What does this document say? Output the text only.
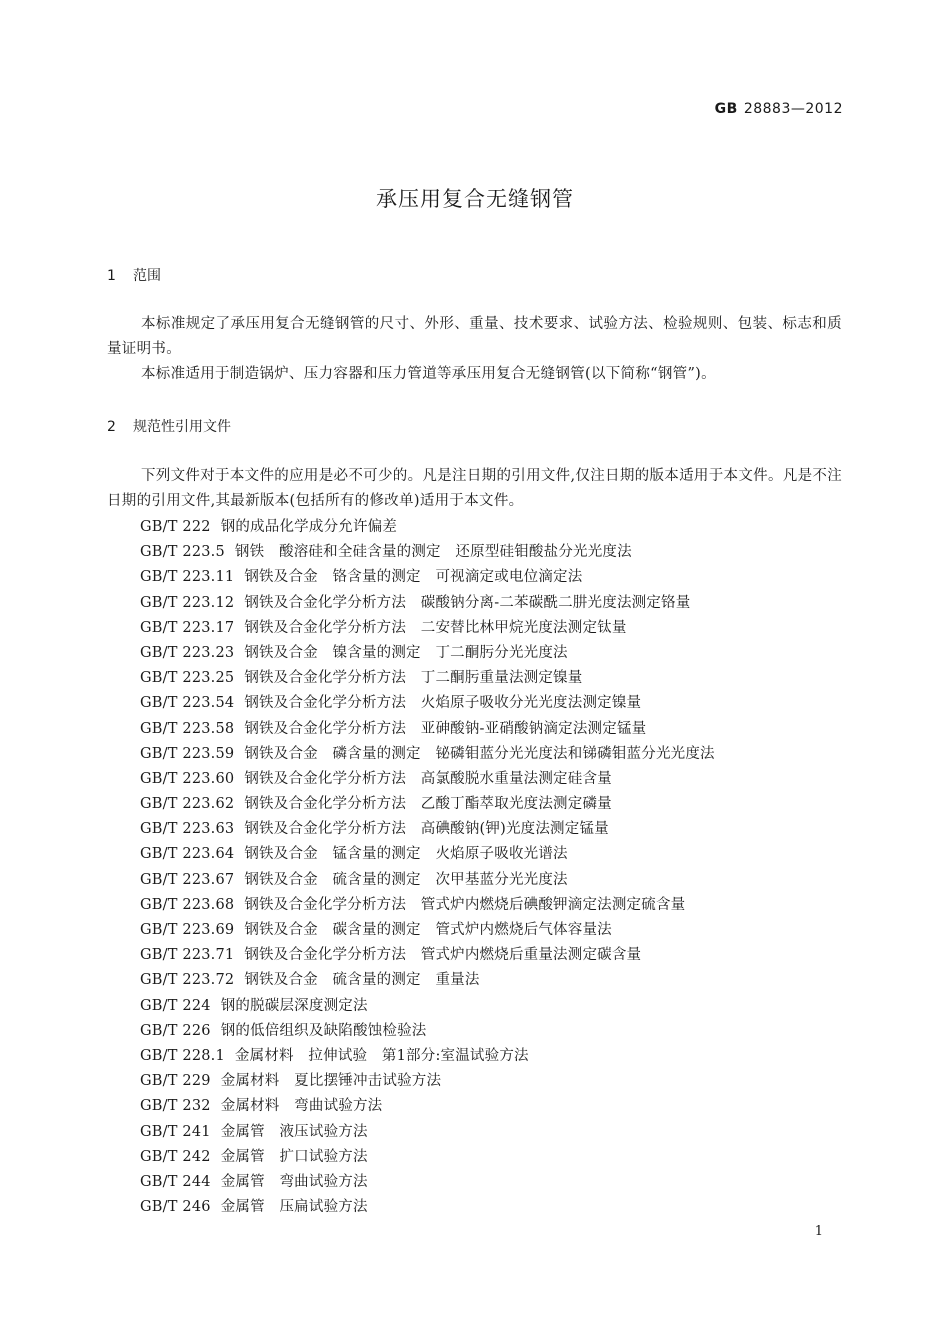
GB 28883—2012
承压用复合无缝钢管
1 范围

本标准规定了承压用复合无缝钢管的尺寸、外形、重量、技术要求、试验方法、检验规则、包装、标志和质量证明书。

本标准适用于制造锅炉、压力容器和压力管道等承压用复合无缝钢管(以下简称“钢管”)。

2 规范性引用文件

下列文件对于本文件的应用是必不可少的。凡是注日期的引用文件,仅注日期的版本适用于本文件。凡是不注日期的引用文件,其最新版本(包括所有的修改单)适用于本文件。

GB/T 222 钢的成品化学成分允许偏差
GB/T 223.5 钢铁　酸溶硅和全硅含量的测定　还原型硅钼酸盐分光光度法
GB/T 223.11 钢铁及合金　铬含量的测定　可视滴定或电位滴定法
GB/T 223.12 钢铁及合金化学分析方法　碳酸钠分离-二苯碳酰二肼光度法测定铬量
GB/T 223.17 钢铁及合金化学分析方法　二安替比林甲烷光度法测定钛量
GB/T 223.23 钢铁及合金　镍含量的测定　丁二酮肟分光光度法
GB/T 223.25 钢铁及合金化学分析方法　丁二酮肟重量法测定镍量
GB/T 223.54 钢铁及合金化学分析方法　火焰原子吸收分光光度法测定镍量
GB/T 223.58 钢铁及合金化学分析方法　亚砷酸钠-亚硝酸钠滴定法测定锰量
GB/T 223.59 钢铁及合金　磷含量的测定　铋磷钼蓝分光光度法和锑磷钼蓝分光光度法
GB/T 223.60 钢铁及合金化学分析方法　高氯酸脱水重量法测定硅含量
GB/T 223.62 钢铁及合金化学分析方法　乙酸丁酯萃取光度法测定磷量
GB/T 223.63 钢铁及合金化学分析方法　高碘酸钠(钾)光度法测定锰量
GB/T 223.64 钢铁及合金　锰含量的测定　火焰原子吸收光谱法
GB/T 223.67 钢铁及合金　硫含量的测定　次甲基蓝分光光度法
GB/T 223.68 钢铁及合金化学分析方法　管式炉内燃烧后碘酸钾滴定法测定硫含量
GB/T 223.69 钢铁及合金　碳含量的测定　管式炉内燃烧后气体容量法
GB/T 223.71 钢铁及合金化学分析方法　管式炉内燃烧后重量法测定碳含量
GB/T 223.72 钢铁及合金　硫含量的测定　重量法
GB/T 224 钢的脱碳层深度测定法
GB/T 226 钢的低倍组织及缺陷酸蚀检验法
GB/T 228.1 金属材料　拉伸试验　第1部分:室温试验方法
GB/T 229 金属材料　夏比摆锤冲击试验方法
GB/T 232 金属材料　弯曲试验方法
GB/T 241 金属管　液压试验方法
GB/T 242 金属管　扩口试验方法
GB/T 244 金属管　弯曲试验方法
GB/T 246 金属管　压扁试验方法
1
